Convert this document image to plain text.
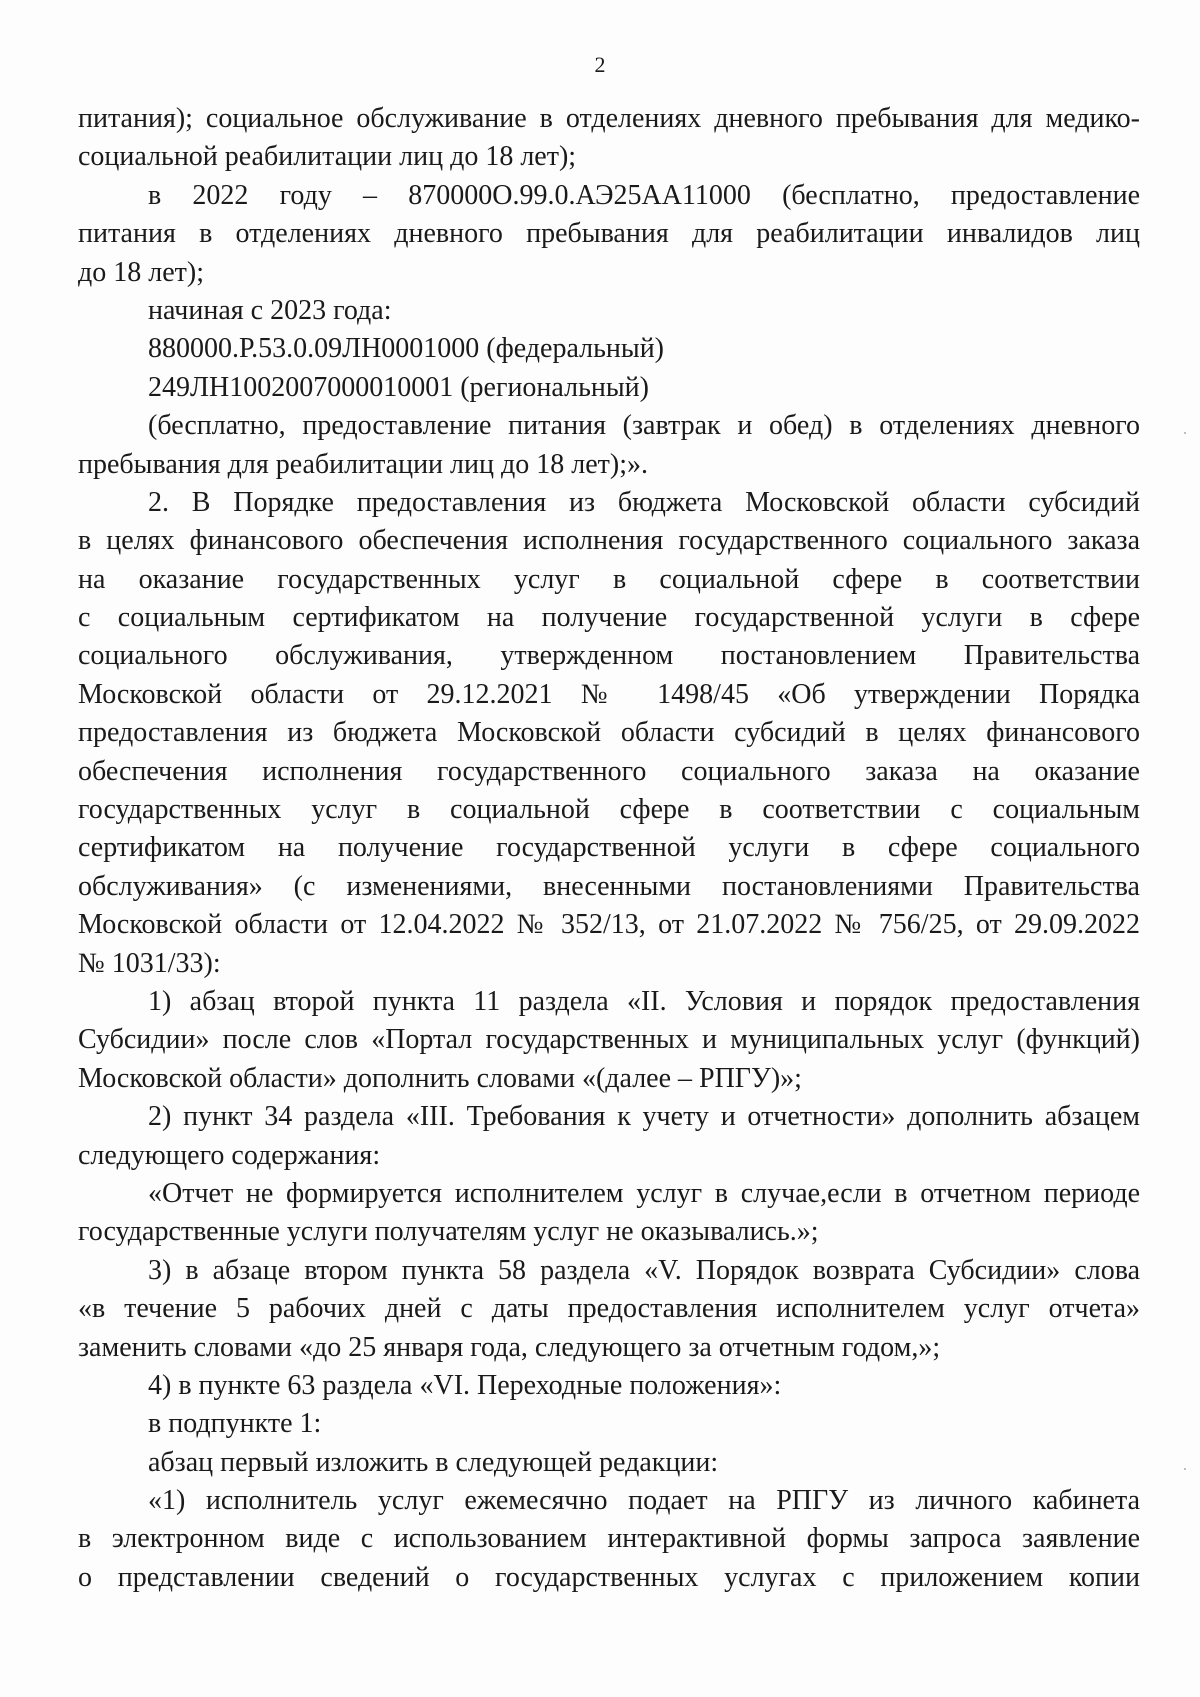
2
питания); социальное обслуживание в отделениях дневного пребывания для медико-
социальной реабилитации лиц до 18 лет);
в 2022 году – 870000О.99.0.АЭ25АА11000 (бесплатно, предоставление
питания в отделениях дневного пребывания для реабилитации инвалидов лиц
до 18 лет);
начиная с 2023 года:
880000.Р.53.0.09ЛН0001000 (федеральный)
249ЛН1002007000010001 (региональный)
(бесплатно, предоставление питания (завтрак и обед) в отделениях дневного
пребывания для реабилитации лиц до 18 лет);».
2. В Порядке предоставления из бюджета Московской области субсидий
в целях финансового обеспечения исполнения государственного социального заказа
на оказание государственных услуг в социальной сфере в соответствии
с социальным сертификатом на получение государственной услуги в сфере
социального обслуживания, утвержденном постановлением Правительства
Московской области от 29.12.2021 № 1498/45 «Об утверждении Порядка
предоставления из бюджета Московской области субсидий в целях финансового
обеспечения исполнения государственного социального заказа на оказание
государственных услуг в социальной сфере в соответствии с социальным
сертификатом на получение государственной услуги в сфере социального
обслуживания» (с изменениями, внесенными постановлениями Правительства
Московской области от 12.04.2022 № 352/13, от 21.07.2022 № 756/25, от 29.09.2022
№ 1031/33):
1) абзац второй пункта 11 раздела «II. Условия и порядок предоставления
Субсидии» после слов «Портал государственных и муниципальных услуг (функций)
Московской области» дополнить словами «(далее – РПГУ)»;
2) пункт 34 раздела «III. Требования к учету и отчетности» дополнить абзацем
следующего содержания:
«Отчет не формируется исполнителем услуг в случае,если в отчетном периоде
государственные услуги получателям услуг не оказывались.»;
3) в абзаце втором пункта 58 раздела «V. Порядок возврата Субсидии» слова
«в течение 5 рабочих дней с даты предоставления исполнителем услуг отчета»
заменить словами «до 25 января года, следующего за отчетным годом,»;
4) в пункте 63 раздела «VI. Переходные положения»:
в подпункте 1:
абзац первый изложить в следующей редакции:
«1) исполнитель услуг ежемесячно подает на РПГУ из личного кабинета
в электронном виде с использованием интерактивной формы запроса заявление
о представлении сведений о государственных услугах с приложением копии
